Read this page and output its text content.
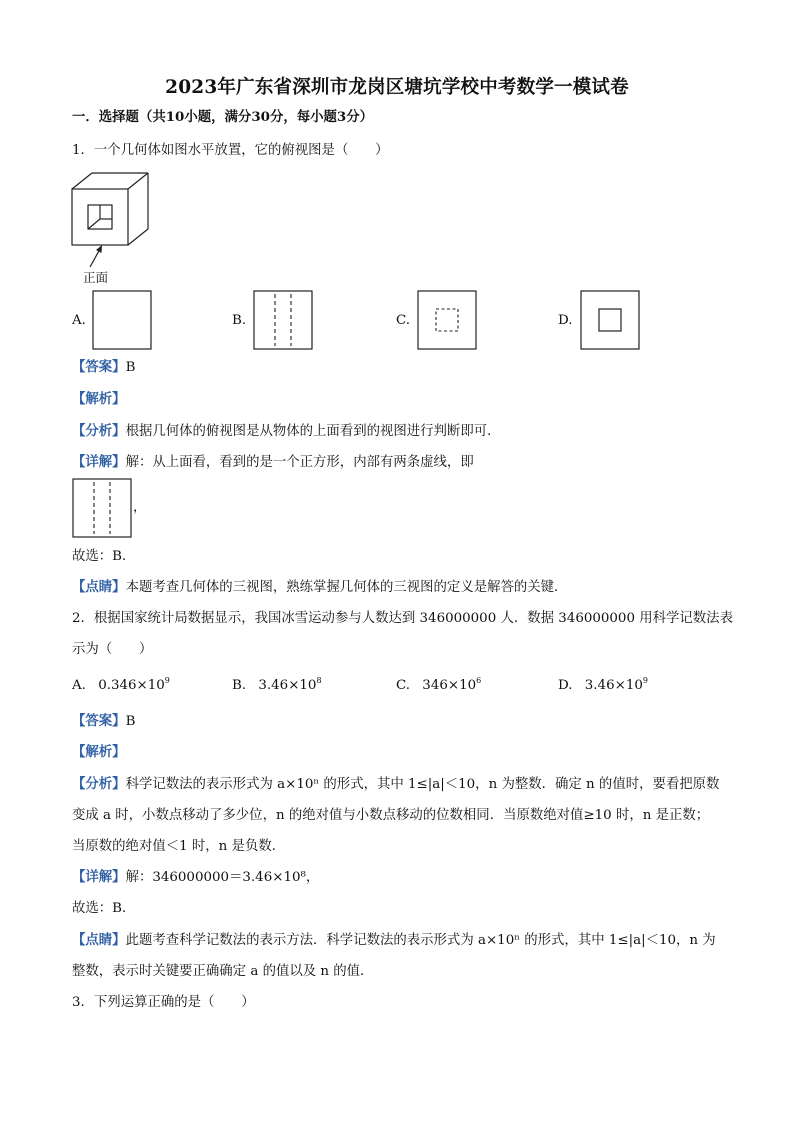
2023年广东省深圳市龙岗区塘坑学校中考数学一模试卷
一．选择题（共10小题，满分30分，每小题3分）
1．一个几何体如图水平放置，它的俯视图是（　　）
正面
A.	B.	C.	D.
【答案】B
【解析】
【分析】根据几何体的俯视图是从物体的上面看到的视图进行判断即可．
【详解】解：从上面看，看到的是一个正方形，内部有两条虚线，即
，
故选：B．
【点睛】本题考查几何体的三视图，熟练掌握几何体的三视图的定义是解答的关键．
2．根据国家统计局数据显示，我国冰雪运动参与人数达到 346000000 人．数据 346000000 用科学记数法表
示为（　　）
A. $0.346\times 10^9$	B. $3.46\times 10^8$	C. $346\times 10^6$	D. $3.46\times 10^9$
【答案】B
【解析】
【分析】科学记数法的表示形式为 a×10ⁿ 的形式，其中 1≤|a|＜10，n 为整数．确定 n 的值时，要看把原数
变成 a 时，小数点移动了多少位，n 的绝对值与小数点移动的位数相同．当原数绝对值≥10 时，n 是正数；
当原数的绝对值＜1 时，n 是负数．
【详解】解：346000000＝3.46×10⁸，
故选：B．
【点睛】此题考查科学记数法的表示方法．科学记数法的表示形式为 a×10ⁿ 的形式，其中 1≤|a|＜10，n 为
整数，表示时关键要正确确定 a 的值以及 n 的值．
3．下列运算正确的是（　　）
